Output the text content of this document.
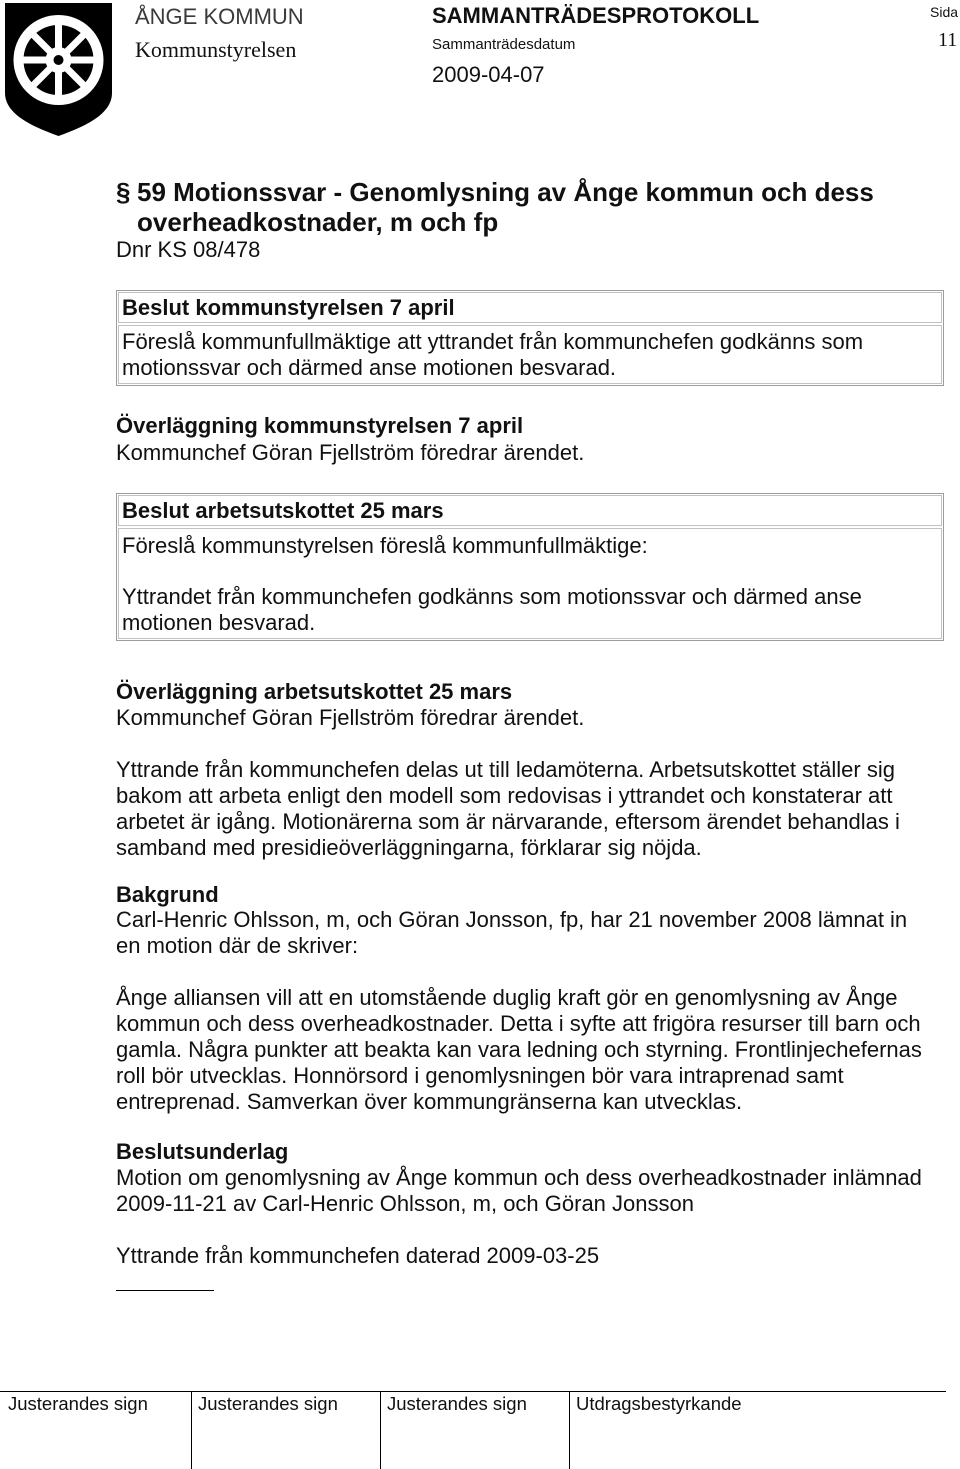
ÅNGE KOMMUN
Kommunstyrelsen
SAMMANTRÄDESPROTOKOLL
Sammanträdesdatum
2009-04-07
Sida
11
§ 59 Motionssvar - Genomlysning av Ånge kommun och dess
overheadkostnader, m och fp
Dnr KS 08/478
Beslut kommunstyrelsen 7 april
Föreslå kommunfullmäktige att yttrandet från kommunchefen godkänns som
motionssvar och därmed anse motionen besvarad.
Överläggning kommunstyrelsen 7 april
Kommunchef Göran Fjellström föredrar ärendet.
Beslut arbetsutskottet 25 mars
Föreslå kommunstyrelsen föreslå kommunfullmäktige:
Yttrandet från kommunchefen godkänns som motionssvar och därmed anse
motionen besvarad.
Överläggning arbetsutskottet 25 mars
Kommunchef Göran Fjellström föredrar ärendet.
Yttrande från kommunchefen delas ut till ledamöterna. Arbetsutskottet ställer sig
bakom att arbeta enligt den modell som redovisas i yttrandet och konstaterar att
arbetet är igång. Motionärerna som är närvarande, eftersom ärendet behandlas i
samband med presidieöverläggningarna, förklarar sig nöjda.
Bakgrund
Carl-Henric Ohlsson, m, och Göran Jonsson, fp, har 21 november 2008 lämnat in
en motion där de skriver:
Ånge alliansen vill att en utomstående duglig kraft gör en genomlysning av Ånge
kommun och dess overheadkostnader. Detta i syfte att frigöra resurser till barn och
gamla. Några punkter att beakta kan vara ledning och styrning. Frontlinjechefernas
roll bör utvecklas. Honnörsord i genomlysningen bör vara intraprenad samt
entreprenad. Samverkan över kommungränserna kan utvecklas.
Beslutsunderlag
Motion om genomlysning av Ånge kommun och dess overheadkostnader inlämnad
2009-11-21 av Carl-Henric Ohlsson, m, och Göran Jonsson
Yttrande från kommunchefen daterad 2009-03-25
Justerandes sign	Justerandes sign	Justerandes sign	Utdragsbestyrkande
